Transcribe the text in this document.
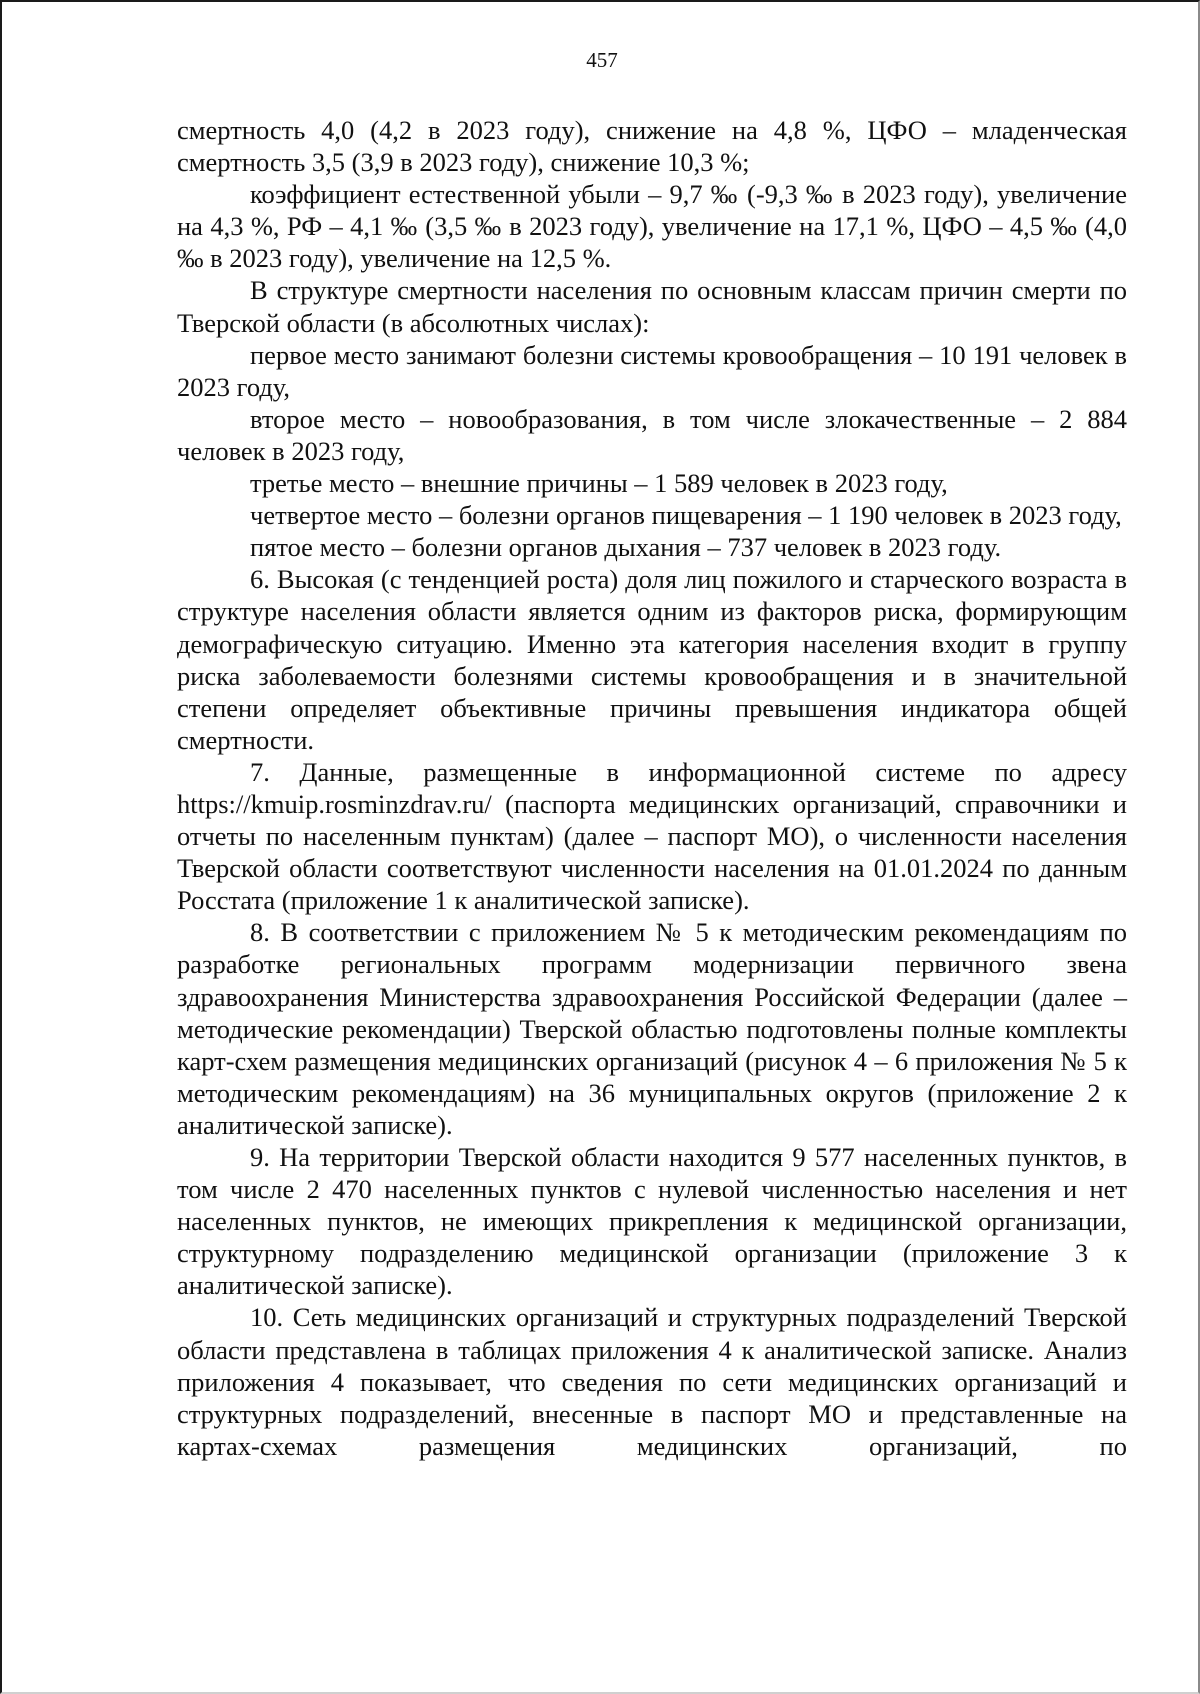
457

смертность 4,0 (4,2 в 2023 году), снижение на 4,8 %, ЦФО – младенческая смертность 3,5 (3,9 в 2023 году), снижение 10,3 %;

коэффициент естественной убыли – 9,7 ‰ (-9,3 ‰ в 2023 году), увеличение на 4,3 %, РФ – 4,1 ‰ (3,5 ‰ в 2023 году), увеличение на 17,1 %, ЦФО – 4,5 ‰ (4,0 ‰ в 2023 году), увеличение на 12,5 %.

В структуре смертности населения по основным классам причин смерти по Тверской области (в абсолютных числах):

первое место занимают болезни системы кровообращения – 10 191 человек в 2023 году,

второе место – новообразования, в том числе злокачественные – 2 884 человек в 2023 году,

третье место – внешние причины – 1 589 человек в 2023 году,

четвертое место – болезни органов пищеварения – 1 190 человек в 2023 году,

пятое место – болезни органов дыхания – 737 человек в 2023 году.

6. Высокая (с тенденцией роста) доля лиц пожилого и старческого возраста в структуре населения области является одним из факторов риска, формирующим демографическую ситуацию. Именно эта категория населения входит в группу риска заболеваемости болезнями системы кровообращения и в значительной степени определяет объективные причины превышения индикатора общей смертности.

7. Данные, размещенные в информационной системе по адресу https://kmuip.rosminzdrav.ru/ (паспорта медицинских организаций, справочники и отчеты по населенным пунктам) (далее – паспорт МО), о численности населения Тверской области соответствуют численности населения на 01.01.2024 по данным Росстата (приложение 1 к аналитической записке).

8. В соответствии с приложением № 5 к методическим рекомендациям по разработке региональных программ модернизации первичного звена здравоохранения Министерства здравоохранения Российской Федерации (далее – методические рекомендации) Тверской областью подготовлены полные комплекты карт-схем размещения медицинских организаций (рисунок 4 – 6 приложения № 5 к методическим рекомендациям) на 36 муниципальных округов (приложение 2 к аналитической записке).

9. На территории Тверской области находится 9 577 населенных пунктов, в том числе 2 470 населенных пунктов с нулевой численностью населения и нет населенных пунктов, не имеющих прикрепления к медицинской организации, структурному подразделению медицинской организации (приложение 3 к аналитической записке).

10. Сеть медицинских организаций и структурных подразделений Тверской области представлена в таблицах приложения 4 к аналитической записке. Анализ приложения 4 показывает, что сведения по сети медицинских организаций и структурных подразделений, внесенные в паспорт МО и представленные на картах-схемах размещения медицинских организаций, по
